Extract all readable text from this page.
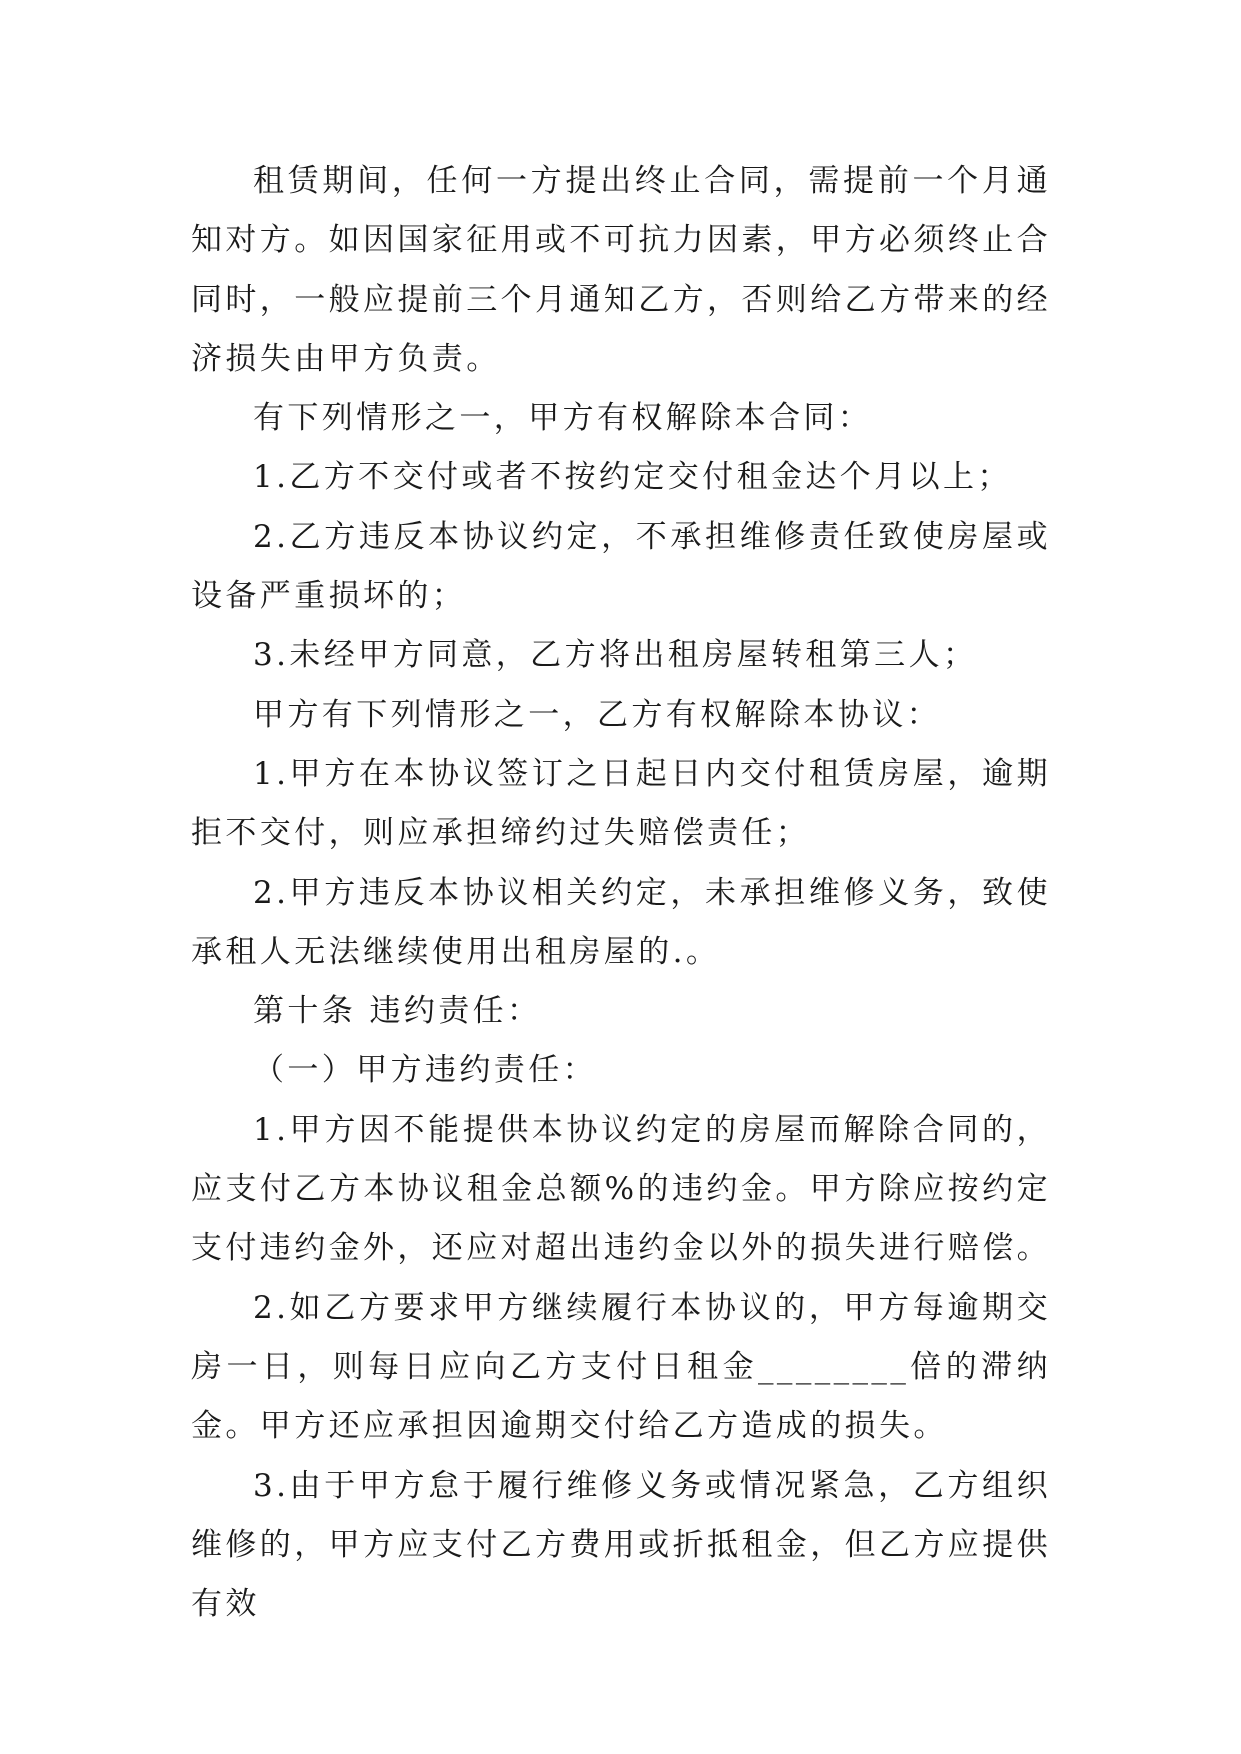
租赁期间，任何一方提出终止合同，需提前一个月通知对方。如因国家征用或不可抗力因素，甲方必须终止合同时，一般应提前三个月通知乙方，否则给乙方带来的经济损失由甲方负责。

有下列情形之一，甲方有权解除本合同：

1.乙方不交付或者不按约定交付租金达个月以上；

2.乙方违反本协议约定，不承担维修责任致使房屋或设备严重损坏的；

3.未经甲方同意，乙方将出租房屋转租第三人；

甲方有下列情形之一，乙方有权解除本协议：

1.甲方在本协议签订之日起日内交付租赁房屋，逾期拒不交付，则应承担缔约过失赔偿责任；

2.甲方违反本协议相关约定，未承担维修义务，致使承租人无法继续使用出租房屋的.。

第十条 违约责任：

（一）甲方违约责任：

1.甲方因不能提供本协议约定的房屋而解除合同的，应支付乙方本协议租金总额%的违约金。甲方除应按约定支付违约金外，还应对超出违约金以外的损失进行赔偿。

2.如乙方要求甲方继续履行本协议的，甲方每逾期交房一日，则每日应向乙方支付日租金________倍的滞纳金。甲方还应承担因逾期交付给乙方造成的损失。

3.由于甲方怠于履行维修义务或情况紧急，乙方组织维修的，甲方应支付乙方费用或折抵租金，但乙方应提供有效
